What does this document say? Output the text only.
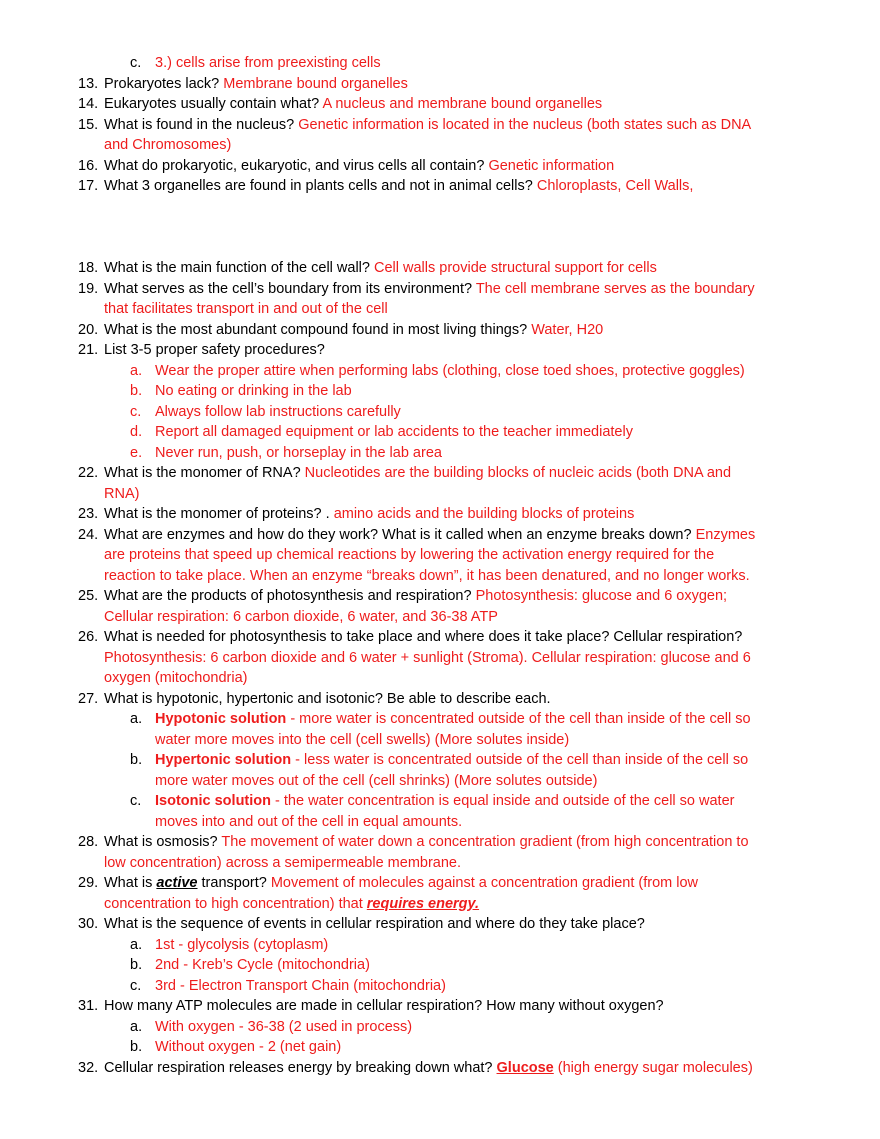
c. 3.) cells arise from preexisting cells
13. Prokaryotes lack? Membrane bound organelles
14. Eukaryotes usually contain what? A nucleus and membrane bound organelles
15. What is found in the nucleus? Genetic information is located in the nucleus (both states such as DNA
and Chromosomes)
16. What do prokaryotic, eukaryotic, and virus cells all contain? Genetic information
17. What 3 organelles are found in plants cells and not in animal cells? Chloroplasts, Cell Walls,
18. What is the main function of the cell wall? Cell walls provide structural support for cells
19. What serves as the cell’s boundary from its environment? The cell membrane serves as the boundary
that facilitates transport in and out of the cell
20. What is the most abundant compound found in most living things? Water, H20
21. List 3-5 proper safety procedures?
a. Wear the proper attire when performing labs (clothing, close toed shoes, protective goggles)
b. No eating or drinking in the lab
c. Always follow lab instructions carefully
d. Report all damaged equipment or lab accidents to the teacher immediately
e. Never run, push, or horseplay in the lab area
22. What is the monomer of RNA? Nucleotides are the building blocks of nucleic acids (both DNA and
RNA)
23. What is the monomer of proteins? . amino acids and the building blocks of proteins
24. What are enzymes and how do they work? What is it called when an enzyme breaks down? Enzymes
are proteins that speed up chemical reactions by lowering the activation energy required for the
reaction to take place. When an enzyme “breaks down”, it has been denatured, and no longer works.
25. What are the products of photosynthesis and respiration? Photosynthesis: glucose and 6 oxygen;
Cellular respiration: 6 carbon dioxide, 6 water, and 36-38 ATP
26. What is needed for photosynthesis to take place and where does it take place? Cellular respiration?
Photosynthesis: 6 carbon dioxide and 6 water + sunlight (Stroma). Cellular respiration: glucose and 6
oxygen (mitochondria)
27. What is hypotonic, hypertonic and isotonic? Be able to describe each.
a. Hypotonic solution - more water is concentrated outside of the cell than inside of the cell so
water more moves into the cell (cell swells) (More solutes inside)
b. Hypertonic solution - less water is concentrated outside of the cell than inside of the cell so
more water moves out of the cell (cell shrinks) (More solutes outside)
c. Isotonic solution - the water concentration is equal inside and outside of the cell so water
moves into and out of the cell in equal amounts.
28. What is osmosis? The movement of water down a concentration gradient (from high concentration to
low concentration) across a semipermeable membrane.
29. What is active transport? Movement of molecules against a concentration gradient (from low
concentration to high concentration) that requires energy.
30. What is the sequence of events in cellular respiration and where do they take place?
a. 1st - glycolysis (cytoplasm)
b. 2nd - Kreb’s Cycle (mitochondria)
c. 3rd - Electron Transport Chain (mitochondria)
31. How many ATP molecules are made in cellular respiration? How many without oxygen?
a. With oxygen - 36-38 (2 used in process)
b. Without oxygen - 2 (net gain)
32. Cellular respiration releases energy by breaking down what? Glucose (high energy sugar molecules)
